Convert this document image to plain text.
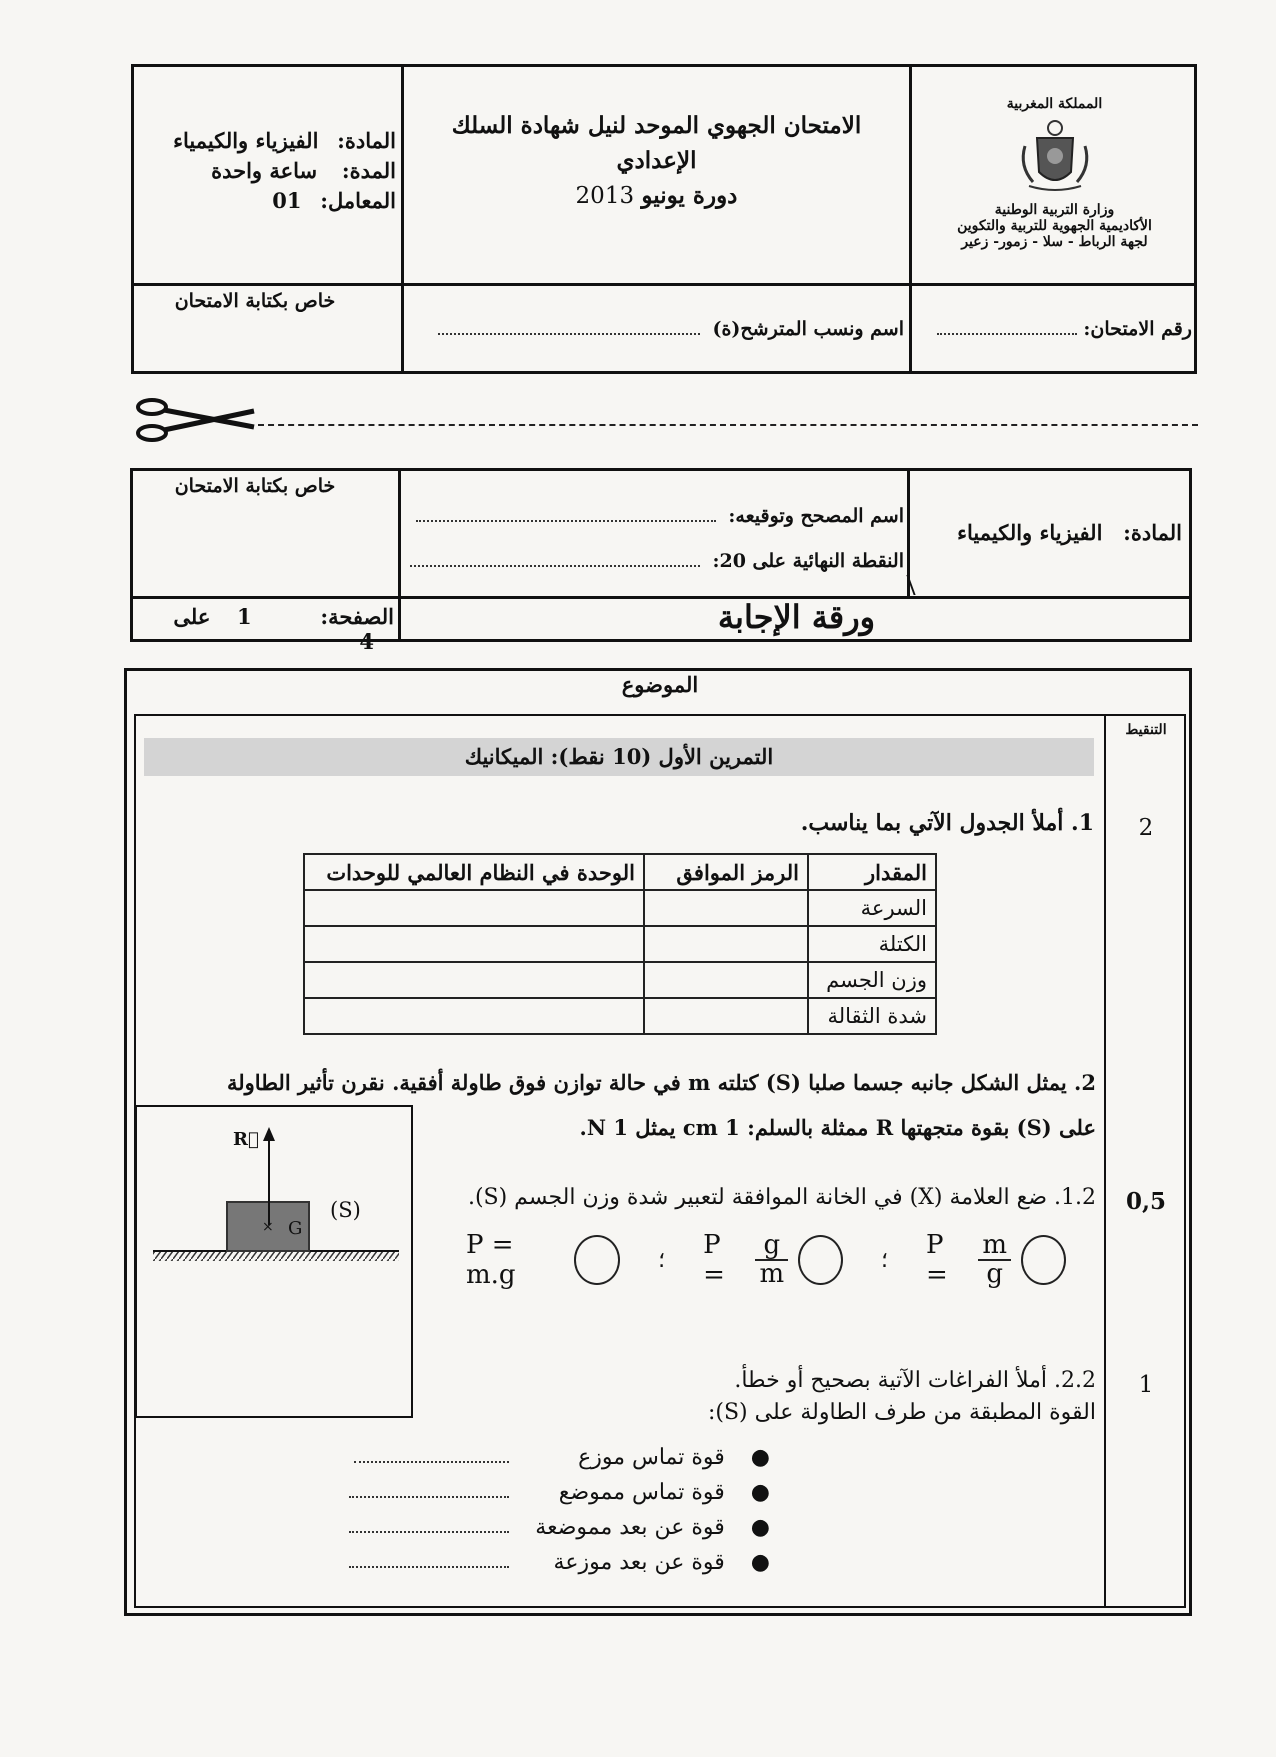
المملكة المغربية
وزارة التربية الوطنية
الأكاديمية الجهوية للتربية والتكوين
لجهة الرباط - سلا - زمور- زعير
الامتحان الجهوي الموحد لنيل شهادة السلك
الإعدادي
دورة يونيو 2013
المادة: الفيزياء والكيمياء
المدة: ساعة واحدة
المعامل: 01
رقم الامتحان:
اسم ونسب المترشح(ة)
خاص بكتابة الامتحان
خاص بكتابة الامتحان
اسم المصحح وتوقيعه:
النقطة النهائية على 20:
المادة: الفيزياء والكيمياء
ورقة الإجابة
الصفحة: 1 على 4
الموضوع
التنقيط
التمرين الأول (10 نقط): الميكانيك
1. أملأ الجدول الآتي بما يناسب.	2
المقدار	الرمز الموافق	الوحدة في النظام العالمي للوحدات
السرعة		
الكتلة		
وزن الجسم		
شدة الثقالة		
2. يمثل الشكل جانبه جسما صلبا (S) كتلته m في حالة توازن فوق طاولة أفقية. نقرن تأثير الطاولة
على (S) بقوة متجهتها R ممثلة بالسلم: 1 cm يمثل 1 N.
×
R⃗
(S)
G
1.2. ضع العلامة (X) في الخانة الموافقة لتعبير شدة وزن الجسم (S).	0,5
P = m.g	؛ P =	$\frac{g}{m}$	؛ P =	$\frac{m}{g}$
2.2. أملأ الفراغات الآتية بصحيح أو خطأ.
القوة المطبقة من طرف الطاولة على (S):
1
●
قوة تماس موزع
●
قوة تماس مموضع
●
قوة عن بعد مموضعة
●
قوة عن بعد موزعة
